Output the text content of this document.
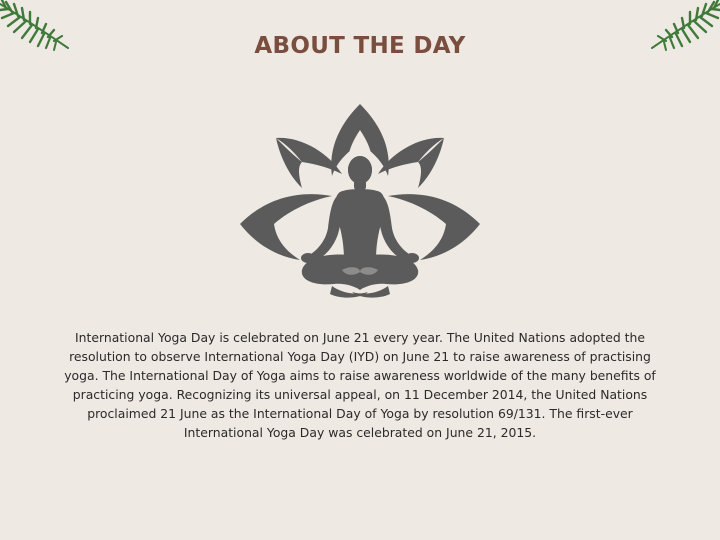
ABOUT THE DAY

International Yoga Day is celebrated on June 21 every year. The United Nations adopted the resolution to observe International Yoga Day (IYD) on June 21 to raise awareness of practising yoga. The International Day of Yoga aims to raise awareness worldwide of the many benefits of practicing yoga. Recognizing its universal appeal, on 11 December 2014, the United Nations proclaimed 21 June as the International Day of Yoga by resolution 69/131. The first-ever International Yoga Day was celebrated on June 21, 2015.
